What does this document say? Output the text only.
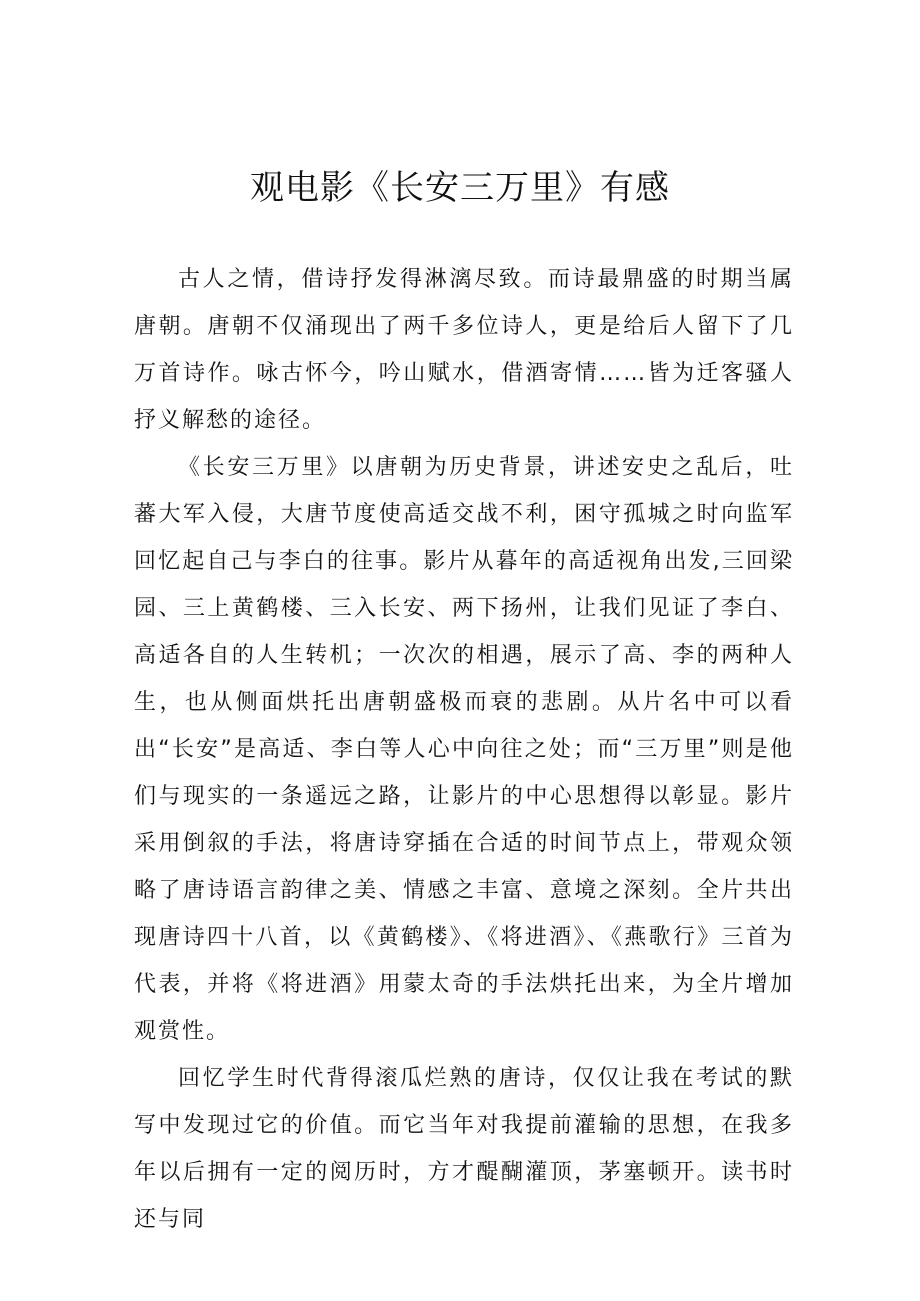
观电影《长安三万里》有感

古人之情，借诗抒发得淋漓尽致。而诗最鼎盛的时期当属唐朝。唐朝不仅涌现出了两千多位诗人，更是给后人留下了几万首诗作。咏古怀今，吟山赋水，借酒寄情……皆为迁客骚人抒义解愁的途径。

《长安三万里》以唐朝为历史背景，讲述安史之乱后，吐蕃大军入侵，大唐节度使高适交战不利，困守孤城之时向监军回忆起自己与李白的往事。影片从暮年的高适视角出发,三回梁园、三上黄鹤楼、三入长安、两下扬州，让我们见证了李白、高适各自的人生转机；一次次的相遇，展示了高、李的两种人生，也从侧面烘托出唐朝盛极而衰的悲剧。从片名中可以看出“长安”是高适、李白等人心中向往之处；而“三万里”则是他们与现实的一条遥远之路，让影片的中心思想得以彰显。影片采用倒叙的手法，将唐诗穿插在合适的时间节点上，带观众领略了唐诗语言韵律之美、情感之丰富、意境之深刻。全片共出现唐诗四十八首，以《黄鹤楼》、《将进酒》、《燕歌行》三首为代表，并将《将进酒》用蒙太奇的手法烘托出来，为全片增加观赏性。

回忆学生时代背得滚瓜烂熟的唐诗，仅仅让我在考试的默写中发现过它的价值。而它当年对我提前灌输的思想，在我多年以后拥有一定的阅历时，方才醍醐灌顶，茅塞顿开。读书时还与同
